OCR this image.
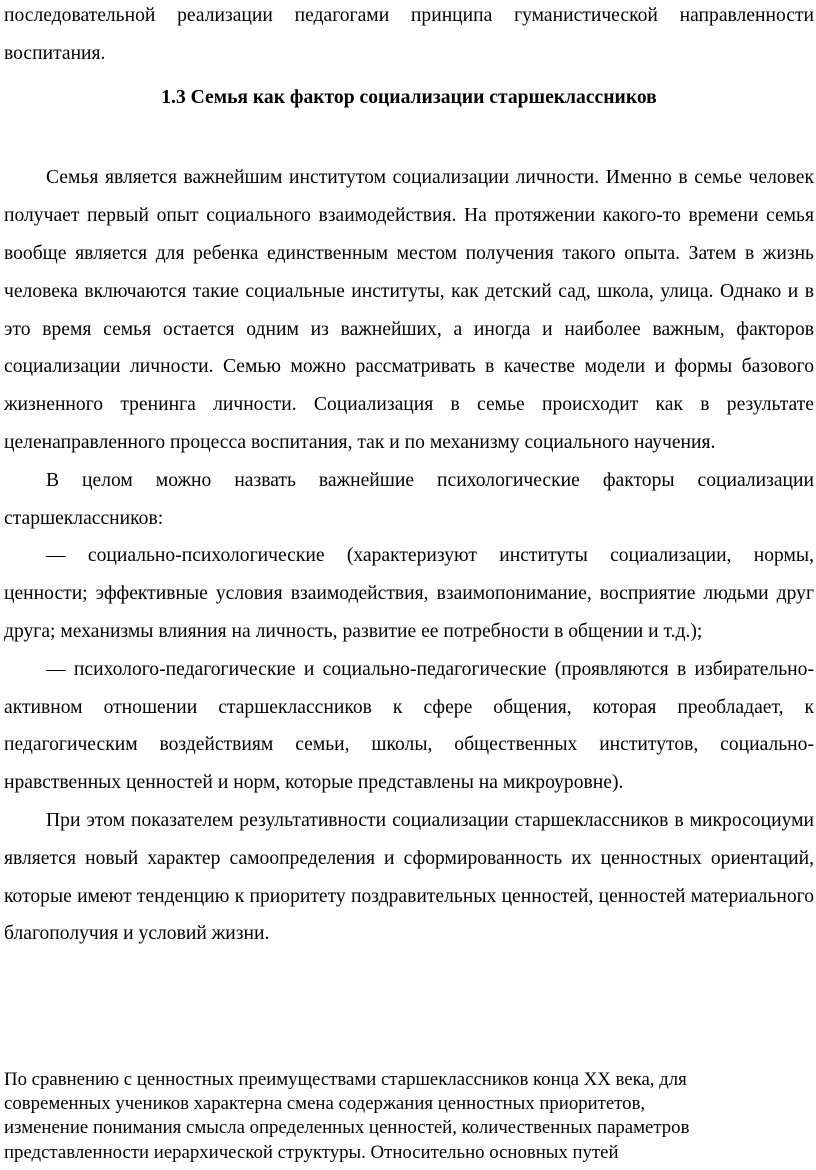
последовательной реализации педагогами принципа гуманистической направленности воспитания.

1.3 Семья как фактор социализации старшеклассников

Семья является важнейшим институтом социализации личности. Именно в семье человек получает первый опыт социального взаимодействия. На протяжении какого-то времени семья вообще является для ребенка единственным местом получения такого опыта. Затем в жизнь человека включаются такие социальные институты, как детский сад, школа, улица. Однако и в это время семья остается одним из важнейших, а иногда и наиболее важным, факторов социализации личности. Семью можно рассматривать в качестве модели и формы базового жизненного тренинга личности. Социализация в семье происходит как в результате целенаправленного процесса воспитания, так и по механизму социального научения.

В целом можно назвать важнейшие психологические факторы социализации старшеклассников:

— социально-психологические (характеризуют институты социализации, нормы, ценности; эффективные условия взаимодействия, взаимопонимание, восприятие людьми друг друга; механизмы влияния на личность, развитие ее потребности в общении и т.д.);

— психолого-педагогические и социально-педагогические (проявляются в избирательно-активном отношении старшеклассников к сфере общения, которая преобладает, к педагогическим воздействиям семьи, школы, общественных институтов, социально-нравственных ценностей и норм, которые представлены на микроуровне).

При этом показателем результативности социализации старшеклассников в микросоциуми является новый характер самоопределения и сформированность их ценностных ориентаций, которые имеют тенденцию к приоритету поздравительных ценностей, ценностей материального благополучия и условий жизни.

По сравнению с ценностных преимуществами старшеклассников конца ХХ века, для

современных учеников характерна смена содержания ценностных приоритетов,

изменение понимания смысла определенных ценностей, количественных параметров

представленности иерархической структуры. Относительно основных путей
